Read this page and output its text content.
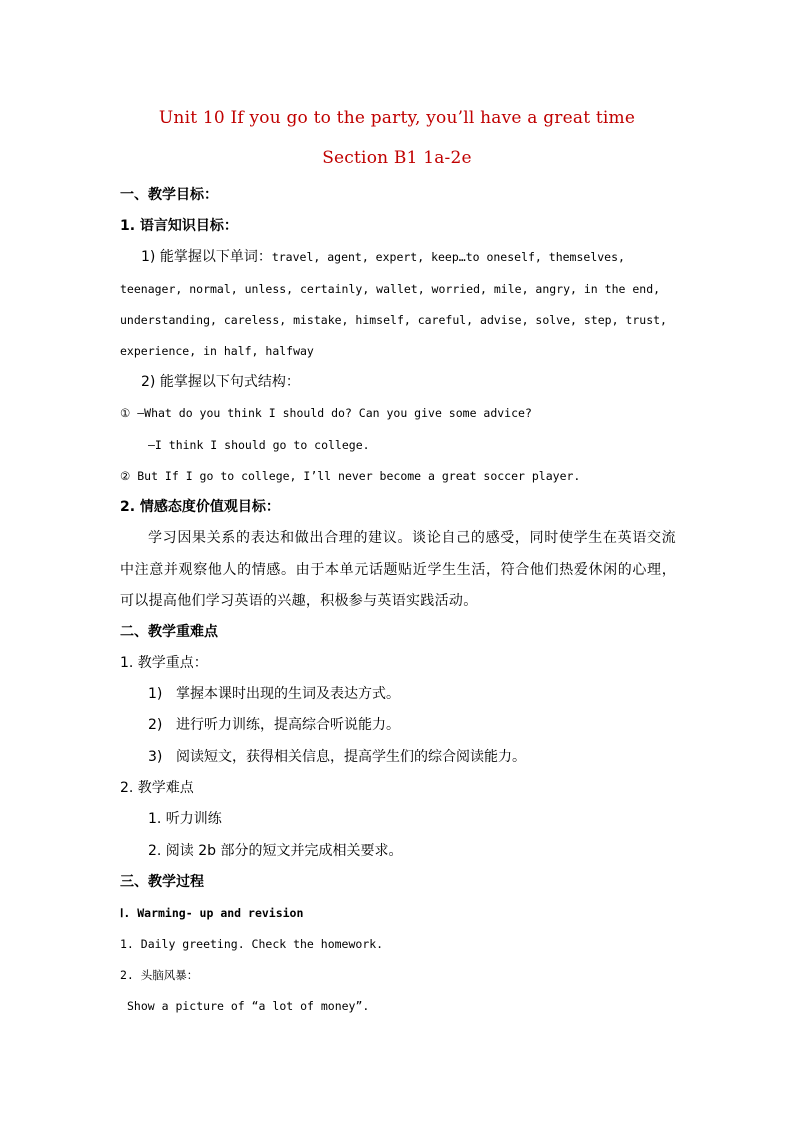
Unit 10 If you go to the party, you’ll have a great time
Section B1 1a-2e
一、教学目标：
1. 语言知识目标：
1) 能掌握以下单词：travel, agent, expert, keep…to oneself, themselves,
teenager, normal, unless, certainly, wallet, worried, mile, angry, in the end,
understanding, careless, mistake, himself, careful, advise, solve, step, trust,
experience, in half, halfway
2) 能掌握以下句式结构：
① —What do you think I should do? Can you give some advice?
—I think I should go to college.
② But If I go to college, I’ll never become a great soccer player.
2. 情感态度价值观目标：
学习因果关系的表达和做出合理的建议。谈论自己的感受，同时使学生在英语交流中注意并观察他人的情感。由于本单元话题贴近学生生活，符合他们热爱休闲的心理，可以提高他们学习英语的兴趣，积极参与英语实践活动。
二、教学重难点
1. 教学重点：
1) 掌握本课时出现的生词及表达方式。
2) 进行听力训练，提高综合听说能力。
3) 阅读短文，获得相关信息，提高学生们的综合阅读能力。
2. 教学难点
1. 听力训练
2. 阅读 2b 部分的短文并完成相关要求。
三、教学过程
Ⅰ. Warming- up and revision
1. Daily greeting. Check the homework.
2. 头脑风暴：
Show a picture of “a lot of money”.
